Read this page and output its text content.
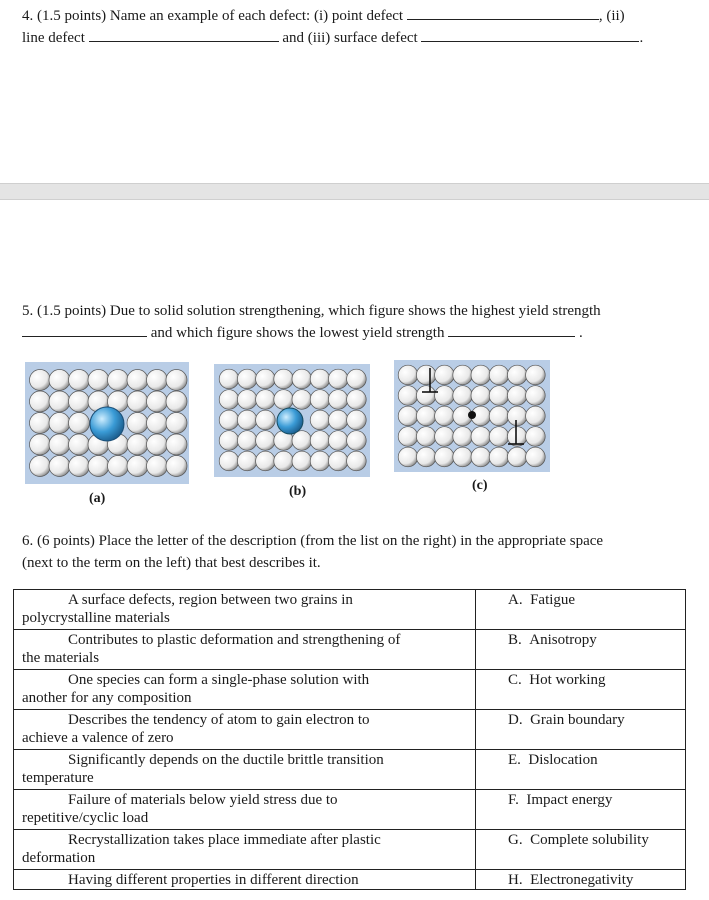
4. (1.5 points) Name an example of each defect: (i) point defect	, (ii)
line defect	and (iii) surface defect	.
5. (1.5 points) Due to solid solution strengthening, which figure shows the highest yield strength
and which figure shows the lowest yield strength	.
(a)	(b)	(c)
6. (6 points) Place the letter of the description (from the list on the right) in the appropriate space
(next to the term on the left) that best describes it.
A surface defects, region between two grains in
polycrystalline materials	A.  Fatigue

Contributes to plastic deformation and strengthening of
the materials	B.  Anisotropy

One species can form a single-phase solution with
another for any composition	C.  Hot working

Describes the tendency of atom to gain electron to
achieve a valence of zero	D.  Grain boundary

Significantly depends on the ductile brittle transition
temperature	E.  Dislocation

Failure of materials below yield stress due to
repetitive/cyclic load	F.  Impact energy

Recrystallization takes place immediate after plastic
deformation	G.  Complete solubility

Having different properties in different direction	H.  Electronegativity
